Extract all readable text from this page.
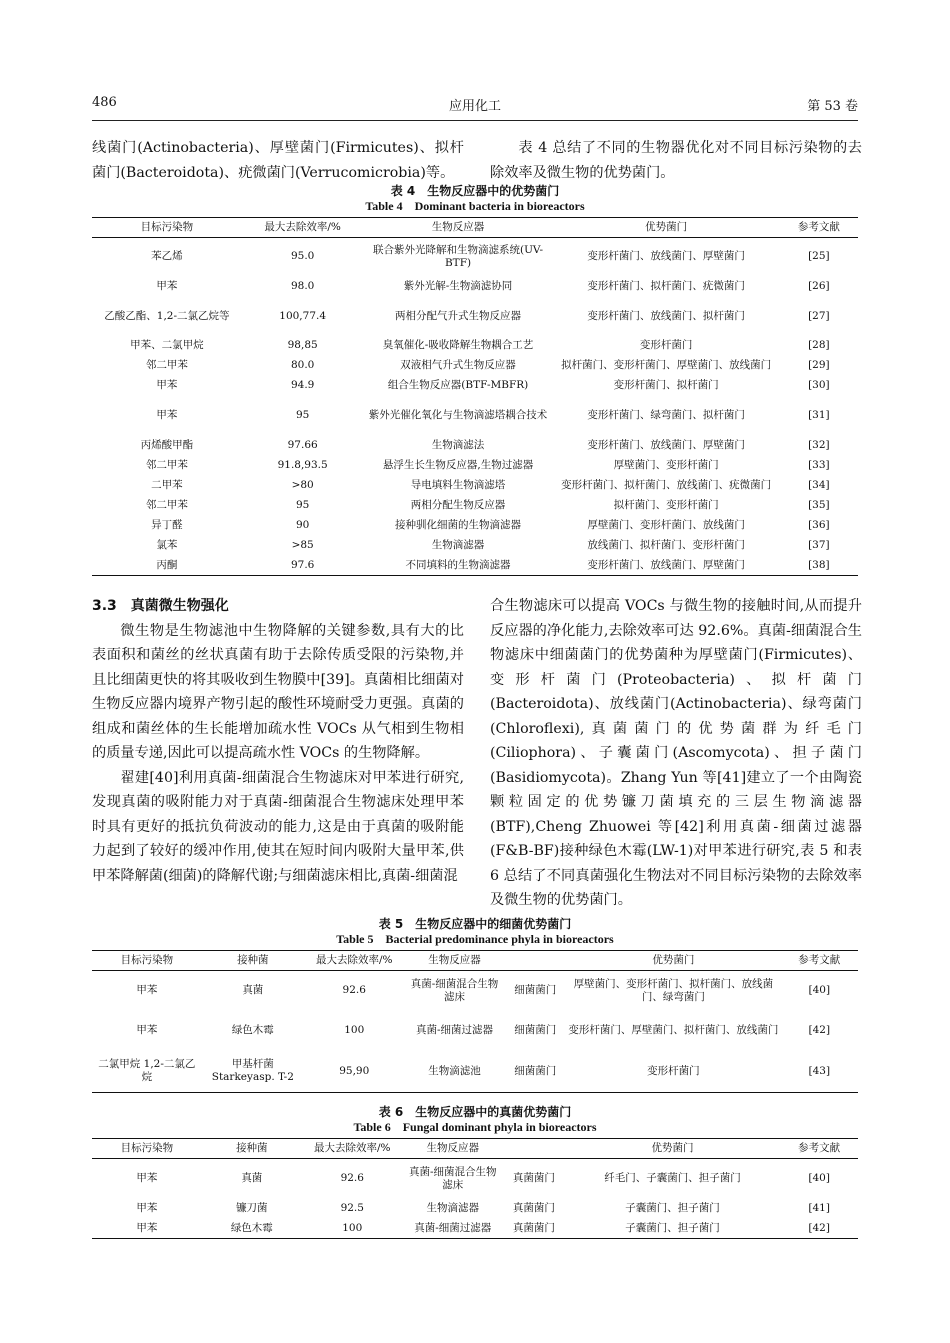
486	应用化工	第 53 卷

线菌门(Actinobacteria)、厚壁菌门(Firmicutes)、拟杆菌门(Bacteroidota)、疣微菌门(Verrucomicrobia)等。

表 4 总结了不同的生物器优化对不同目标污染物的去除效率及微生物的优势菌门。

表 4　生物反应器中的优势菌门
Table 4　Dominant bacteria in bioreactors
目标污染物	最大去除效率/%	生物反应器	优势菌门	参考文献
苯乙烯	95.0	联合紫外光降解和生物滴滤系统(UV-BTF)	变形杆菌门、放线菌门、厚壁菌门	[25]
甲苯	98.0	紫外光解-生物滴滤协同	变形杆菌门、拟杆菌门、疣微菌门	[26]
乙酸乙酯、1,2-二氯乙烷等	100,77.4	两相分配气升式生物反应器	变形杆菌门、放线菌门、拟杆菌门	[27]
甲苯、二氯甲烷	98,85	臭氧催化-吸收降解生物耦合工艺	变形杆菌门	[28]
邻二甲苯	80.0	双液相气升式生物反应器	拟杆菌门、变形杆菌门、厚壁菌门、放线菌门	[29]
甲苯	94.9	组合生物反应器(BTF-MBFR)	变形杆菌门、拟杆菌门	[30]
甲苯	95	紫外光催化氧化与生物滴滤塔耦合技术	变形杆菌门、绿弯菌门、拟杆菌门	[31]
丙烯酸甲酯	97.66	生物滴滤法	变形杆菌门、放线菌门、厚壁菌门	[32]
邻二甲苯	91.8,93.5	悬浮生长生物反应器,生物过滤器	厚壁菌门、变形杆菌门	[33]
二甲苯	>80	导电填料生物滴滤塔	变形杆菌门、拟杆菌门、放线菌门、疣微菌门	[34]
邻二甲苯	95	两相分配生物反应器	拟杆菌门、变形杆菌门	[35]
异丁醛	90	接种驯化细菌的生物滴滤器	厚壁菌门、变形杆菌门、放线菌门	[36]
氯苯	>85	生物滴滤器	放线菌门、拟杆菌门、变形杆菌门	[37]
丙酮	97.6	不同填料的生物滴滤器	变形杆菌门、放线菌门、厚壁菌门	[38]
3.3　真菌微生物强化

微生物是生物滤池中生物降解的关键参数,具有大的比表面积和菌丝的丝状真菌有助于去除传质受限的污染物,并且比细菌更快的将其吸收到生物膜中[39]。真菌相比细菌对生物反应器内境界产物引起的酸性环境耐受力更强。真菌的组成和菌丝体的生长能增加疏水性 VOCs 从气相到生物相的质量专递,因此可以提高疏水性 VOCs 的生物降解。

翟建[40]利用真菌-细菌混合生物滤床对甲苯进行研究,发现真菌的吸附能力对于真菌-细菌混合生物滤床处理甲苯时具有更好的抵抗负荷波动的能力,这是由于真菌的吸附能力起到了较好的缓冲作用,使其在短时间内吸附大量甲苯,供甲苯降解菌(细菌)的降解代谢;与细菌滤床相比,真菌-细菌混

合生物滤床可以提高 VOCs 与微生物的接触时间,从而提升反应器的净化能力,去除效率可达 92.6%。真菌-细菌混合生物滤床中细菌菌门的优势菌种为厚壁菌门(Firmicutes)、变形杆菌门(Proteobacteria)、拟杆菌门(Bacteroidota)、放线菌门(Actinobacteria)、绿弯菌门(Chloroflexi),真菌菌门的优势菌群为纤毛门(Ciliophora)、子囊菌门(Ascomycota)、担子菌门(Basidiomycota)。Zhang Yun 等[41]建立了一个由陶瓷颗粒固定的优势镰刀菌填充的三层生物滴滤器(BTF),Cheng Zhuowei 等[42]利用真菌-细菌过滤器(F&B-BF)接种绿色木霉(LW-1)对甲苯进行研究,表 5 和表 6 总结了不同真菌强化生物法对不同目标污染物的去除效率及微生物的优势菌门。

表 5　生物反应器中的细菌优势菌门
Table 5　Bacterial predominance phyla in bioreactors
目标污染物	接种菌	最大去除效率/%	生物反应器		优势菌门	参考文献
甲苯	真菌	92.6	真菌-细菌混合生物滤床	细菌菌门	厚壁菌门、变形杆菌门、拟杆菌门、放线菌门、绿弯菌门	[40]
甲苯	绿色木霉	100	真菌-细菌过滤器	细菌菌门	变形杆菌门、厚壁菌门、拟杆菌门、放线菌门	[42]
二氯甲烷 1,2-二氯乙烷	甲基杆菌 Starkeyasp. T-2	95,90	生物滴滤池	细菌菌门	变形杆菌门	[43]
表 6　生物反应器中的真菌优势菌门
Table 6　Fungal dominant phyla in bioreactors
目标污染物	接种菌	最大去除效率/%	生物反应器		优势菌门	参考文献
甲苯	真菌	92.6	真菌-细菌混合生物滤床	真菌菌门	纤毛门、子囊菌门、担子菌门	[40]
甲苯	镰刀菌	92.5	生物滴滤器	真菌菌门	子囊菌门、担子菌门	[41]
甲苯	绿色木霉	100	真菌-细菌过滤器	真菌菌门	子囊菌门、担子菌门	[42]
